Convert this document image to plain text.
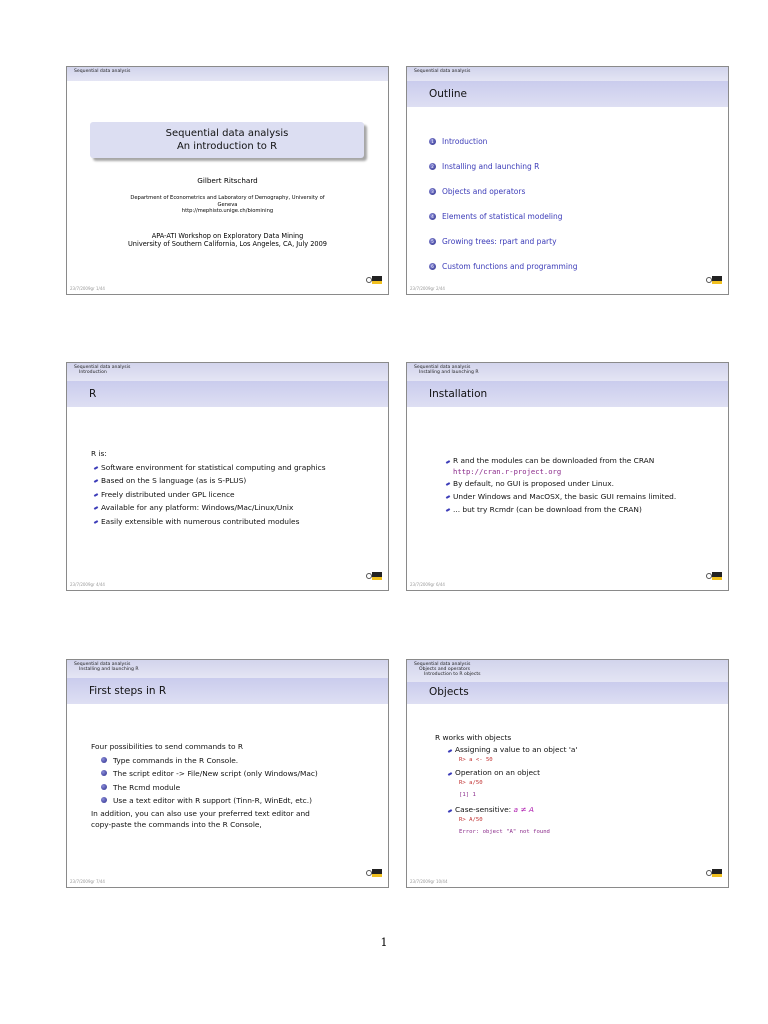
Sequential data analysis
Sequential data analysis
An introduction to R
Gilbert Ritschard
Department of Econometrics and Laboratory of Demography, University of
Geneva
http://mephisto.unige.ch/biomining
APA-ATI Workshop on Exploratory Data Mining
University of Southern California, Los Angeles, CA, July 2009
23/7/2009gr 1/44
Sequential data analysis
Outline
1 Introduction
2 Installing and launching R
3 Objects and operators
4 Elements of statistical modeling
5 Growing trees: rpart and party
6 Custom functions and programming
23/7/2009gr 2/44
Sequential data analysis
Introduction
R
R is:
Software environment for statistical computing and graphics
Based on the S language (as is S-PLUS)
Freely distributed under GPL licence
Available for any platform: Windows/Mac/Linux/Unix
Easily extensible with numerous contributed modules
23/7/2009gr 4/44
Sequential data analysis
Installing and launching R
Installation
R and the modules can be downloaded from the CRAN
http://cran.r-project.org
By default, no GUI is proposed under Linux.
Under Windows and MacOSX, the basic GUI remains limited.
... but try Rcmdr (can be download from the CRAN)
23/7/2009gr 6/44
Sequential data analysis
Installing and launching R
First steps in R
Four possibilities to send commands to R
Type commands in the R Console.
The script editor -> File/New script (only Windows/Mac)
The Rcmd module
Use a text editor with R support (Tinn-R, WinEdt, etc.)
In addition, you can also use your preferred text editor and
copy-paste the commands into the R Console,
23/7/2009gr 7/44
Sequential data analysis
Objects and operators
Introduction to R objects
Objects
R works with objects
Assigning a value to an object 'a'
R> a <- 50
Operation on an object
R> a/50
[1] 1
Case-sensitive: a ≠ A
R> A/50
Error: object "A" not found
23/7/2009gr 10/44
1
